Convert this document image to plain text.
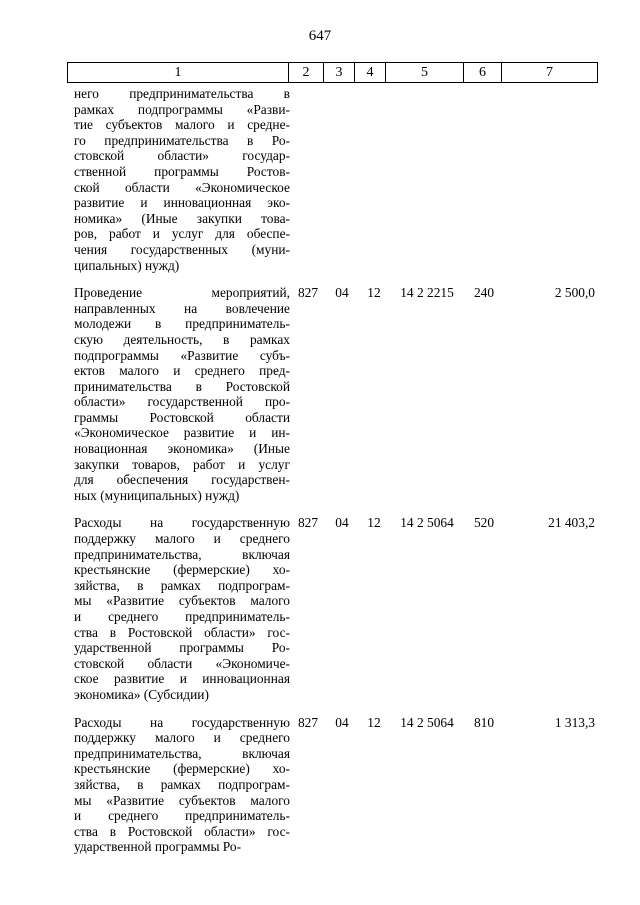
647
1	2	3	4	5	6	7
него предпринимательства в
рамках подпрограммы «Разви-
тие субъектов малого и средне-
го предпринимательства в Ро-
стовской области» государ-
ственной программы Ростов-
ской области «Экономическое
развитие и инновационная эко-
номика» (Иные закупки това-
ров, работ и услуг для обеспе-
чения государственных (муни-
ципальных) нужд)
Проведение мероприятий,
направленных на вовлечение
молодежи в предприниматель-
скую деятельность, в рамках
подпрограммы «Развитие субъ-
ектов малого и среднего пред-
принимательства в Ростовской
области» государственной про-
граммы Ростовской области
«Экономическое развитие и ин-
новационная экономика» (Иные
закупки товаров, работ и услуг
для обеспечения государствен-
ных (муниципальных) нужд)
827	04	12	14 2 2215	240	2 500,0
Расходы на государственную
поддержку малого и среднего
предпринимательства, включая
крестьянские (фермерские) хо-
зяйства, в рамках подпрограм-
мы «Развитие субъектов малого
и среднего предприниматель-
ства в Ростовской области» гос-
ударственной программы Ро-
стовской области «Экономиче-
ское развитие и инновационная
экономика» (Субсидии)
827	04	12	14 2 5064	520	21 403,2
Расходы на государственную
поддержку малого и среднего
предпринимательства, включая
крестьянские (фермерские) хо-
зяйства, в рамках подпрограм-
мы «Развитие субъектов малого
и среднего предприниматель-
ства в Ростовской области» гос-
ударственной программы Ро-
827	04	12	14 2 5064	810	1 313,3
